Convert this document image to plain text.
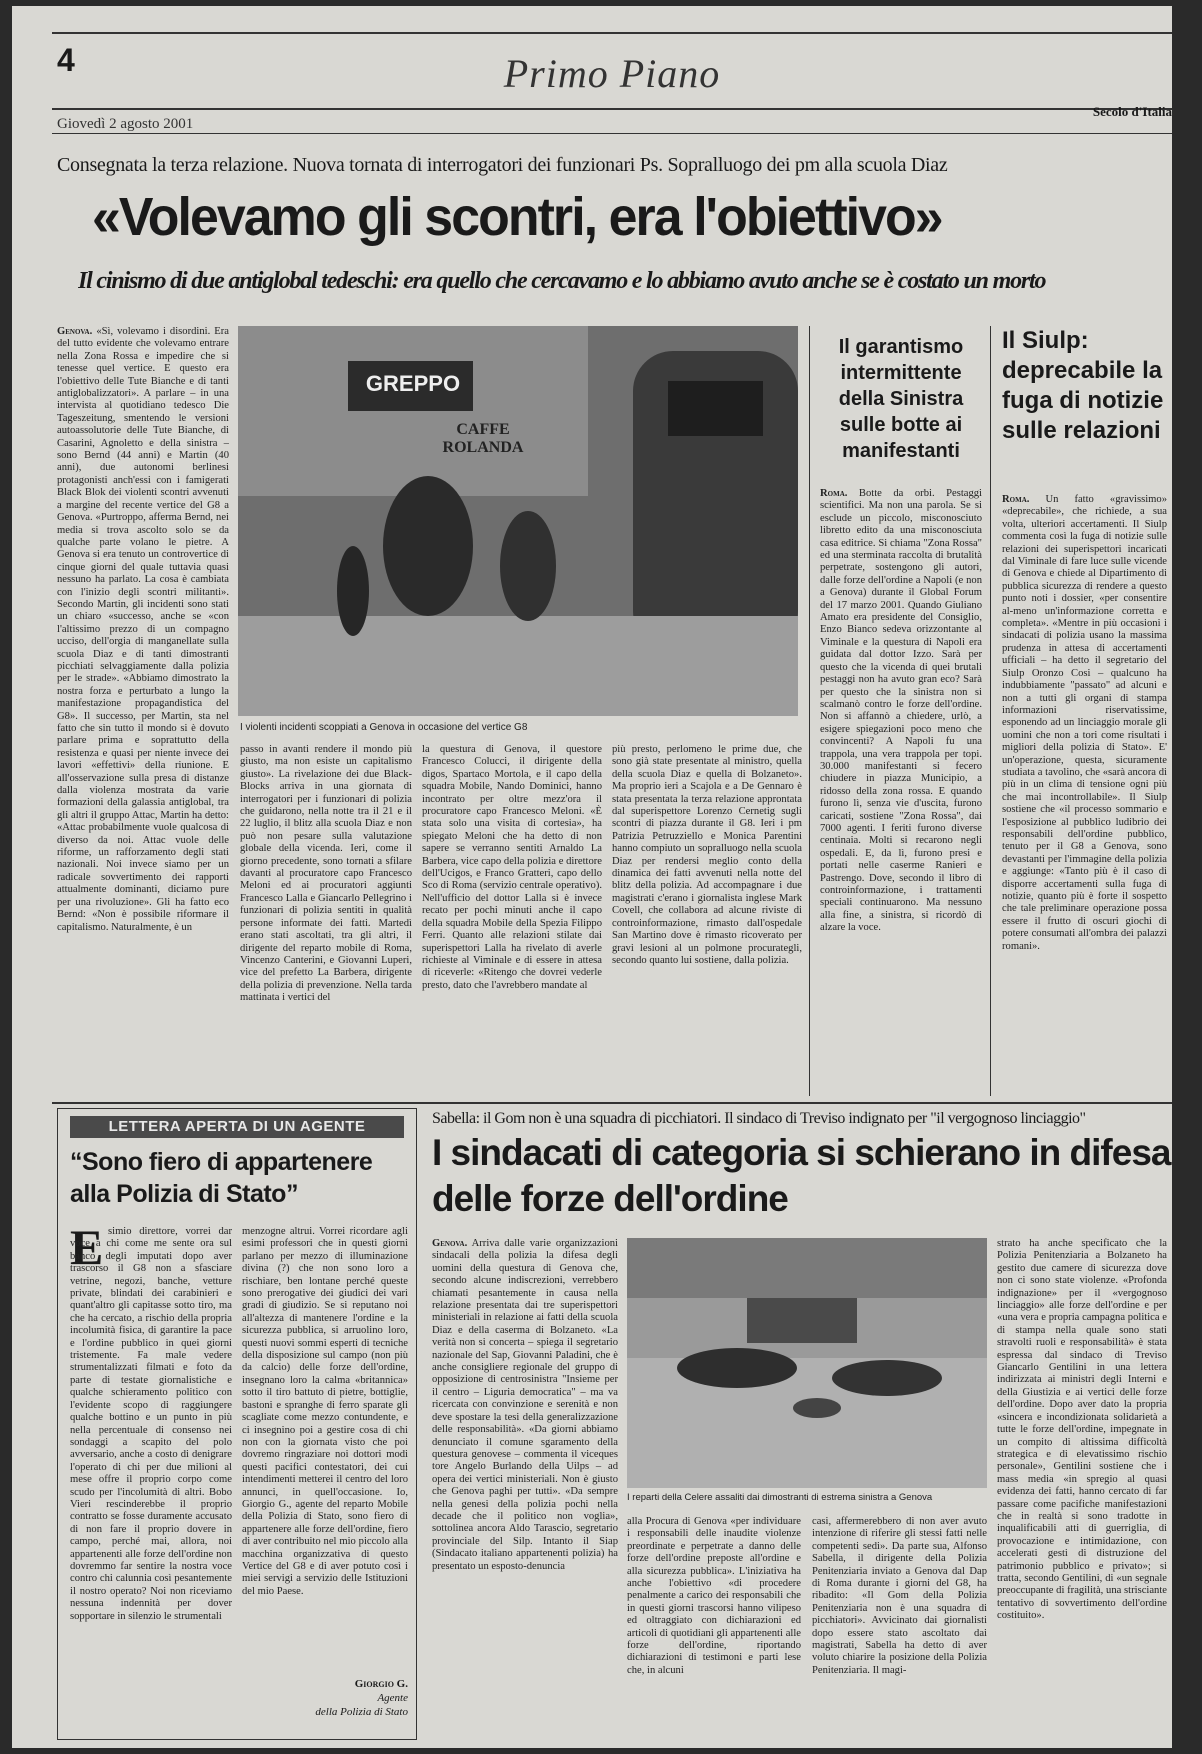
4	Primo Piano
Giovedì 2 agosto 2001
Secolo d'Italia
Consegnata la terza relazione. Nuova tornata di interrogatori dei funzionari Ps. Sopralluogo dei pm alla scuola Diaz
«Volevamo gli scontri, era l'obiettivo»
Il cinismo di due antiglobal tedeschi: era quello che cercavamo e lo abbiamo avuto anche se è costato un morto
GREPPO
CAFFE ROLANDA
I violenti incidenti scoppiati a Genova in occasione del vertice G8
Genova. «Sì, volevamo i disordini. Era del tutto evidente che volevamo entrare nella Zona Rossa e impedire che si tenesse quel vertice. E questo era l'obiettivo delle Tute Bianche e di tanti antiglobalizzatori». A parlare – in una intervista al quotidiano tedesco Die Tageszeitung, smentendo le versioni autoassolutorie delle Tute Bianche, di Casarini, Agnoletto e della sinistra – sono Bernd (44 anni) e Martin (40 anni), due autonomi berlinesi protagonisti anch'essi con i famigerati Black Blok dei violenti scontri avvenuti a margine del recente vertice del G8 a Genova. «Purtroppo, afferma Bernd, nei media si trova ascolto solo se da qualche parte volano le pietre. A Genova si era tenuto un controvertice di cinque giorni del quale tuttavia quasi nessuno ha parlato. La cosa è cambiata con l'inizio degli scontri militanti». Secondo Martin, gli incidenti sono stati un chiaro «successo, anche se «con l'altissimo prezzo di un compagno ucciso, dell'orgia di manganellate sulla scuola Diaz e di tanti dimostranti picchiati selvaggiamente dalla polizia per le strade». «Abbiamo dimostrato la nostra forza e perturbato a lungo la manifestazione propagandistica del G8». Il successo, per Martin, sta nel fatto che sin tutto il mondo si è dovuto parlare prima e soprattutto della resistenza e quasi per niente invece dei lavori «effettivi» della riunione. E all'osservazione sulla presa di distanze dalla violenza mostrata da varie formazioni della galassia antiglobal, tra gli altri il gruppo Attac, Martin ha detto: «Attac probabilmente vuole qualcosa di diverso da noi. Attac vuole delle riforme, un rafforzamento degli stati nazionali. Noi invece siamo per un radicale sovvertimento dei rapporti attualmente dominanti, diciamo pure per una rivoluzione». Gli ha fatto eco Bernd: «Non è possibile riformare il capitalismo. Naturalmente, è un
passo in avanti rendere il mondo più giusto, ma non esiste un capitalismo giusto». La rivelazione dei due Black-Blocks arriva in una giornata di interrogatori per i funzionari di polizia che guidarono, nella notte tra il 21 e il 22 luglio, il blitz alla scuola Diaz e non può non pesare sulla valutazione globale della vicenda. Ieri, come il giorno precedente, sono tornati a sfilare davanti al procuratore capo Francesco Meloni ed ai procuratori aggiunti Francesco Lalla e Giancarlo Pellegrino i funzionari di polizia sentiti in qualità persone informate dei fatti. Martedì erano stati ascoltati, tra gli altri, il dirigente del reparto mobile di Roma, Vincenzo Canterini, e Giovanni Luperi, vice del prefetto La Barbera, dirigente della polizia di prevenzione. Nella tarda mattinata i vertici del
la questura di Genova, il questore Francesco Colucci, il dirigente della digos, Spartaco Mortola, e il capo della squadra Mobile, Nando Dominici, hanno incontrato per oltre mezz'ora il procuratore capo Francesco Meloni. «È stata solo una visita di cortesia», ha spiegato Meloni che ha detto di non sapere se verranno sentiti Arnaldo La Barbera, vice capo della polizia e direttore dell'Ucigos, e Franco Gratteri, capo dello Sco di Roma (servizio centrale operativo). Nell'ufficio del dottor Lalla si è invece recato per pochi minuti anche il capo della squadra Mobile della Spezia Filippo Ferri. Quanto alle relazioni stilate dai superispettori Lalla ha rivelato di averle richieste al Viminale e di essere in attesa di riceverle: «Ritengo che dovrei vederle presto, dato che l'avrebbero mandate al
più presto, perlomeno le prime due, che sono già state presentate al ministro, quella della scuola Diaz e quella di Bolzaneto». Ma proprio ieri a Scajola e a De Gennaro è stata presentata la terza relazione approntata dal superispettore Lorenzo Cernetig sugli scontri di piazza durante il G8. Ieri i pm Patrizia Petruzziello e Monica Parentini hanno compiuto un sopralluogo nella scuola Diaz per rendersi meglio conto della dinamica dei fatti avvenuti nella notte del blitz della polizia. Ad accompagnare i due magistrati c'erano i giornalista inglese Mark Covell, che collabora ad alcune riviste di controinformazione, rimasto dall'ospedale San Martino dove è rimasto ricoverato per gravi lesioni al un polmone procurategli, secondo quanto lui sostiene, dalla polizia.
Il garantismo intermittente della Sinistra sulle botte ai manifestanti
Roma. Botte da orbi. Pestaggi scientifici. Ma non una parola. Se si esclude un piccolo, misconosciuto libretto edito da una misconosciuta casa editrice. Si chiama "Zona Rossa" ed una sterminata raccolta di brutalità perpetrate, sostengono gli autori, dalle forze dell'ordine a Napoli (e non a Genova) durante il Global Forum del 17 marzo 2001. Quando Giuliano Amato era presidente del Consiglio, Enzo Bianco sedeva orizzontante al Viminale e la questura di Napoli era guidata dal dottor Izzo. Sarà per questo che la vicenda di quei brutali pestaggi non ha avuto gran eco? Sarà per questo che la sinistra non si scalmanò contro le forze dell'ordine. Non si affannò a chiedere, urlò, a esigere spiegazioni poco meno che convincenti? A Napoli fu una trappola, una vera trappola per topi. 30.000 manifestanti si fecero chiudere in piazza Municipio, a ridosso della zona rossa. E quando furono lì, senza vie d'uscita, furono caricati, sostiene "Zona Rossa", dai 7000 agenti. I feriti furono diverse centinaia. Molti si recarono negli ospedali. E, da lì, furono presi e portati nelle caserme Ranieri e Pastrengo. Dove, secondo il libro di controinformazione, i trattamenti speciali continuarono. Ma nessuno alla fine, a sinistra, si ricordò di alzare la voce.
Il Siulp: deprecabile la fuga di notizie sulle relazioni
Roma. Un fatto «gravissimo» «deprecabile», che richiede, a sua volta, ulteriori accertamenti. Il Siulp commenta così la fuga di notizie sulle relazioni dei superispettori incaricati dal Viminale di fare luce sulle vicende di Genova e chiede al Dipartimento di pubblica sicurezza di rendere a questo punto noti i dossier, «per consentire al-meno un'informazione corretta e completa». «Mentre in più occasioni i sindacati di polizia usano la massima prudenza in attesa di accertamenti ufficiali – ha detto il segretario del Siulp Oronzo Cosi – qualcuno ha indubbiamente "passato" ad alcuni e non a tutti gli organi di stampa informazioni riservatissime, esponendo ad un linciaggio morale gli uomini che non a tori come risultati i migliori della polizia di Stato». E' un'operazione, questa, sicuramente studiata a tavolino, che «sarà ancora di più in un clima di tensione ogni più che mai incontrollabile». Il Siulp sostiene che «il processo sommario e l'esposizione al pubblico ludibrio dei responsabili dell'ordine pubblico, tenuto per il G8 a Genova, sono devastanti per l'immagine della polizia e aggiunge: «Tanto più è il caso di disporre accertamenti sulla fuga di notizie, quanto più è forte il sospetto che tale preliminare operazione possa essere il frutto di oscuri giochi di potere consumati all'ombra dei palazzi romani».
LETTERA APERTA DI UN AGENTE
“Sono fiero di appartenere alla Polizia di Stato”
E simio direttore, vorrei dar voce a chi come me sente ora sul banco degli imputati dopo aver trascorso il G8 non a sfasciare vetrine, negozi, banche, vetture private, blindati dei carabinieri e quant'altro gli capitasse sotto tiro, ma che ha cercato, a rischio della propria incolumità fisica, di garantire la pace e l'ordine pubblico in quei giorni tristemente. Fa male vedere strumentalizzati filmati e foto da parte di testate giornalistiche e qualche schieramento politico con l'evidente scopo di raggiungere qualche bottino e un punto in più nella percentuale di consenso nei sondaggi a scapito del polo avversario, anche a costo di denigrare l'operato di chi per due milioni al mese offre il proprio corpo come scudo per l'incolumità di altri. Bobo Vieri rescinderebbe il proprio contratto se fosse duramente accusato di non fare il proprio dovere in campo, perché mai, allora, noi appartenenti alle forze dell'ordine non dovremmo far sentire la nostra voce contro chi calunnia così pesantemente il nostro operato? Noi non riceviamo nessuna indennità per dover sopportare in silenzio le strumentali
menzogne altrui. Vorrei ricordare agli esimi professori che in questi giorni parlano per mezzo di illuminazione divina (?) che non sono loro a rischiare, ben lontane perché queste sono prerogative dei giudici dei vari gradi di giudizio. Se si reputano noi all'altezza di mantenere l'ordine e la sicurezza pubblica, si arruolino loro, questi nuovi sommi esperti di tecniche della disposizione sul campo (non più da calcio) delle forze dell'ordine, insegnano loro la calma «britannica» sotto il tiro battuto di pietre, bottiglie, bastoni e spranghe di ferro sparate gli scagliate come mezzo contundente, e ci insegnino poi a gestire cosa di chi non con la giornata visto che poi dovremo ringraziare noi dottori modi questi pacifici contestatori, dei cui intendimenti metterei il centro del loro annunci, in quell'occasione. Io, Giorgio G., agente del reparto Mobile della Polizia di Stato, sono fiero di appartenere alle forze dell'ordine, fiero di aver contribuito nel mio piccolo alla macchina organizzativa di questo Vertice del G8 e di aver potuto così i miei servigi a servizio delle Istituzioni del mio Paese.
Giorgio G.
Agente
della Polizia di Stato
Sabella: il Gom non è una squadra di picchiatori. Il sindaco di Treviso indignato per "il vergognoso linciaggio"
I sindacati di categoria si schierano in difesa delle forze dell'ordine
I reparti della Celere assaliti dai dimostranti di estrema sinistra a Genova
Genova. Arriva dalle varie organizzazioni sindacali della polizia la difesa degli uomini della questura di Genova che, secondo alcune indiscrezioni, verrebbero chiamati pesantemente in causa nella relazione presentata dai tre superispettori ministeriali in relazione ai fatti della scuola Diaz e della caserma di Bolzaneto. «La verità non si concerta – spiega il segretario nazionale del Sap, Giovanni Paladini, che è anche consigliere regionale del gruppo di opposizione di centrosinistra "Insieme per il centro – Liguria democratica" – ma va ricercata con convinzione e serenità e non deve spostare la tesi della generalizzazione delle responsabilità». «Da giorni abbiamo denunciato il comune sgaramento della questura genovese – commenta il viceques tore Angelo Burlando della Uilps – ad opera dei vertici ministeriali. Non è giusto che Genova paghi per tutti». «Da sempre nella genesi della polizia pochi nella decade che il politico non voglia», sottolinea ancora Aldo Tarascio, segretario provinciale del Silp. Intanto il Siap (Sindacato italiano appartenenti polizia) ha presentato un esposto-denuncia
alla Procura di Genova «per individuare i responsabili delle inaudite violenze preordinate e perpetrate a danno delle forze dell'ordine preposte all'ordine e alla sicurezza pubblica». L'iniziativa ha anche l'obiettivo «di procedere penalmente a carico dei responsabili che in questi giorni trascorsi hanno vilipeso ed oltraggiato con dichiarazioni ed articoli di quotidiani gli appartenenti alle forze dell'ordine, riportando dichiarazioni di testimoni e parti lese che, in alcuni
casi, affermerebbero di non aver avuto intenzione di riferire gli stessi fatti nelle competenti sedi». Da parte sua, Alfonso Sabella, il dirigente della Polizia Penitenziaria inviato a Genova dal Dap di Roma durante i giorni del G8, ha ribadito: «Il Gom della Polizia Penitenziaria non è una squadra di picchiatori». Avvicinato dai giornalisti dopo essere stato ascoltato dai magistrati, Sabella ha detto di aver voluto chiarire la posizione della Polizia Penitenziaria. Il magi-
strato ha anche specificato che la Polizia Penitenziaria a Bolzaneto ha gestito due camere di sicurezza dove non ci sono state violenze. «Profonda indignazione» per il «vergognoso linciaggio» alle forze dell'ordine e per «una vera e propria campagna politica e di stampa nella quale sono stati stravolti ruoli e responsabilità» è stata espressa dal sindaco di Treviso Giancarlo Gentilini in una lettera indirizzata ai ministri degli Interni e della Giustizia e ai vertici delle forze dell'ordine. Dopo aver dato la propria «sincera e incondizionata solidarietà a tutte le forze dell'ordine, impegnate in un compito di altissima difficoltà strategica e di elevatissimo rischio personale», Gentilini sostiene che i mass media «in spregio al quasi evidenza dei fatti, hanno cercato di far passare come pacifiche manifestazioni che in realtà si sono tradotte in inqualificabili atti di guerriglia, di provocazione e intimidazione, con accelerati gesti di distruzione del patrimonio pubblico e privato»; si tratta, secondo Gentilini, di «un segnale preoccupante di fragilità, una strisciante tentativo di sovvertimento dell'ordine costituito».
